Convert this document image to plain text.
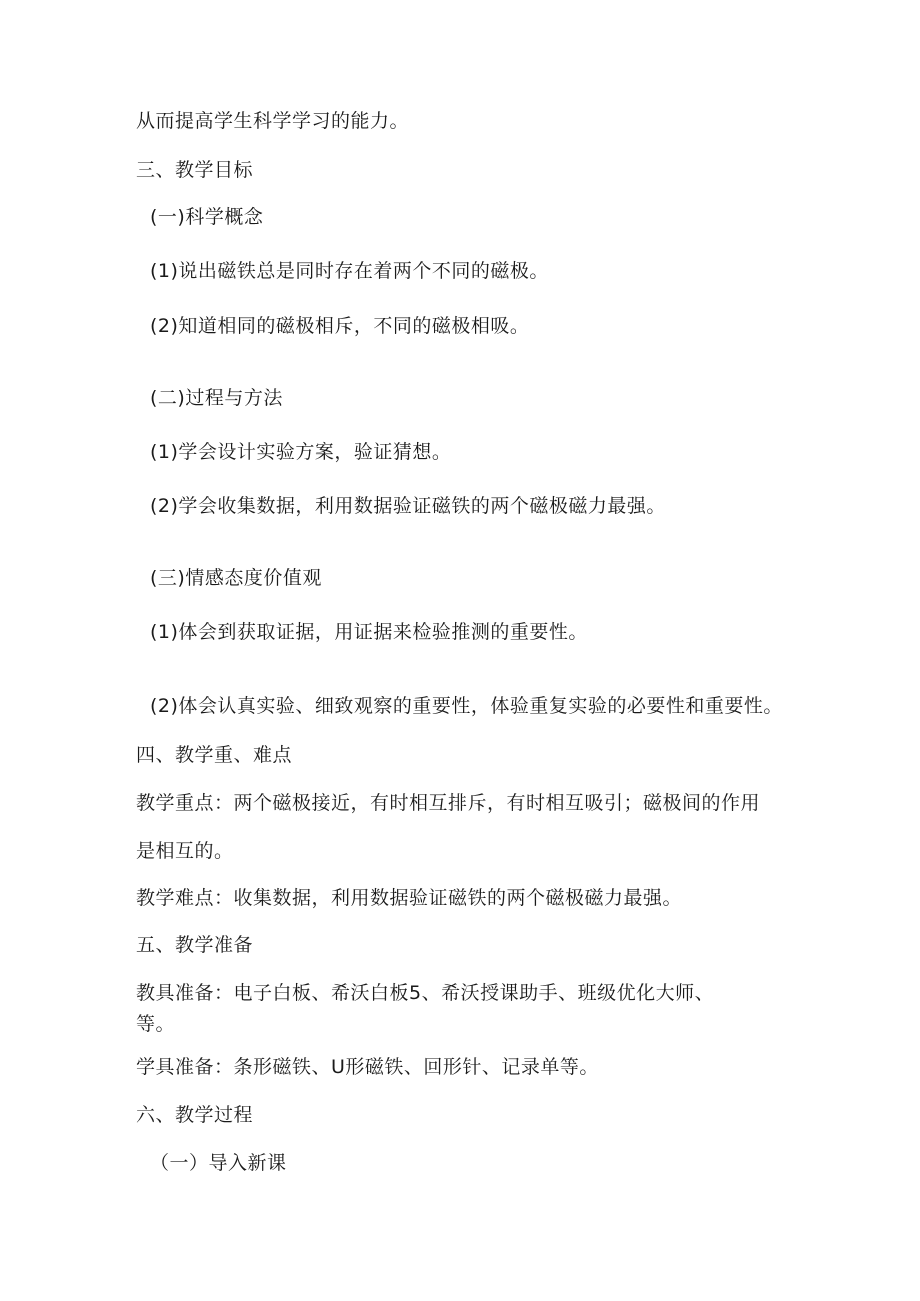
从而提高学生科学学习的能力。
三、教学目标
(一)科学概念
(1)说出磁铁总是同时存在着两个不同的磁极。
(2)知道相同的磁极相斥，不同的磁极相吸。
(二)过程与方法
(1)学会设计实验方案，验证猜想。
(2)学会收集数据，利用数据验证磁铁的两个磁极磁力最强。
(三)情感态度价值观
(1)体会到获取证据，用证据来检验推测的重要性。
(2)体会认真实验、细致观察的重要性，体验重复实验的必要性和重要性。
四、教学重、难点
教学重点：两个磁极接近，有时相互排斥，有时相互吸引；磁极间的作用
是相互的。
教学难点：收集数据，利用数据验证磁铁的两个磁极磁力最强。
五、教学准备
教具准备：电子白板、希沃白板5、希沃授课助手、班级优化大师、
等。
学具准备：条形磁铁、U形磁铁、回形针、记录单等。
六、教学过程
（一）导入新课
